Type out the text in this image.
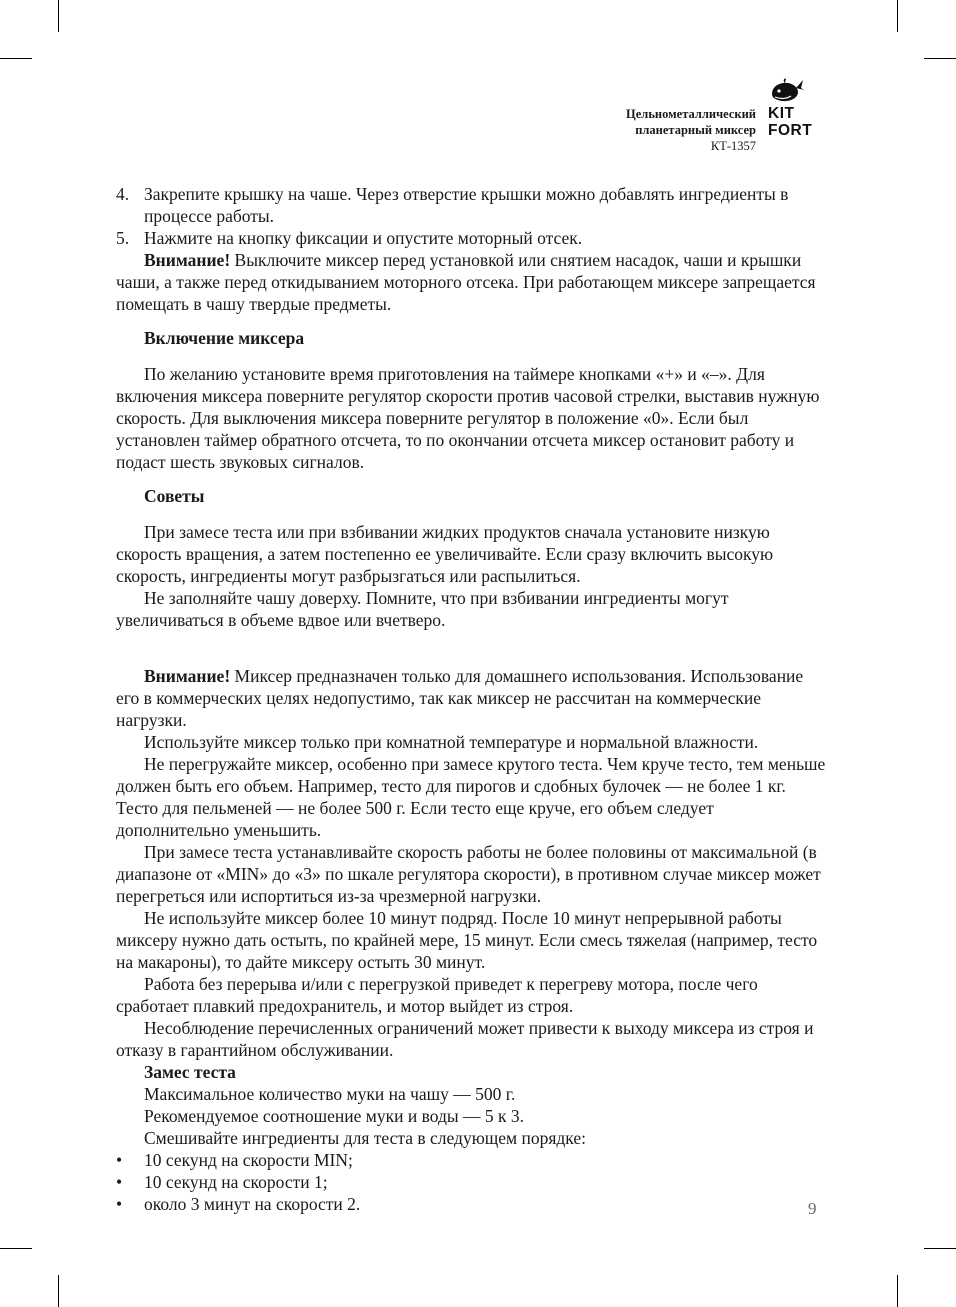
Цельнометаллический
планетарный миксер
КТ-1357
KIT
FORT

4. Закрепите крышку на чаше. Через отверстие крышки можно добавлять ингредиенты в процессе работы.

5. Нажмите на кнопку фиксации и опустите моторный отсек.

Внимание! Выключите миксер перед установкой или снятием насадок, чаши и крышки чаши, а также перед откидыванием моторного отсека. При работающем миксере запрещается помещать в чашу твердые предметы.

Включение миксера

По желанию установите время приготовления на таймере кнопками «+» и «–». Для включения миксера поверните регулятор скорости против часовой стрелки, выставив нужную скорость. Для выключения миксера поверните регулятор в положение «0». Если был установлен таймер обратного отсчета, то по окончании отсчета миксер остановит работу и подаст шесть звуковых сигналов.

Советы

При замесе теста или при взбивании жидких продуктов сначала установите низкую скорость вращения, а затем постепенно ее увеличивайте. Если сразу включить высокую скорость, ингредиенты могут разбрызгаться или распылиться.

Не заполняйте чашу доверху. Помните, что при взбивании ингредиенты могут увеличиваться в объеме вдвое или вчетверо.

Внимание! Миксер предназначен только для домашнего использования. Использование его в коммерческих целях недопустимо, так как миксер не рассчитан на коммерческие нагрузки.

Используйте миксер только при комнатной температуре и нормальной влажности.

Не перегружайте миксер, особенно при замесе крутого теста. Чем круче тесто, тем меньше должен быть его объем. Например, тесто для пирогов и сдобных булочек — не более 1 кг. Тесто для пельменей — не более 500 г. Если тесто еще круче, его объем следует дополнительно уменьшить.

При замесе теста устанавливайте скорость работы не более половины от максимальной (в диапазоне от «MIN» до «3» по шкале регулятора скорости), в противном случае миксер может перегреться или испортиться из-за чрезмерной нагрузки.

Не используйте миксер более 10 минут подряд. После 10 минут непрерывной работы миксеру нужно дать остыть, по крайней мере, 15 минут. Если смесь тяжелая (например, тесто на макароны), то дайте миксеру остыть 30 минут.

Работа без перерыва и/или с перегрузкой приведет к перегреву мотора, после чего сработает плавкий предохранитель, и мотор выйдет из строя.

Несоблюдение перечисленных ограничений может привести к выходу миксера из строя и отказу в гарантийном обслуживании.

Замес теста

Максимальное количество муки на чашу — 500 г.

Рекомендуемое соотношение муки и воды — 5 к 3.

Смешивайте ингредиенты для теста в следующем порядке:

• 10 секунд на скорости MIN;

• 10 секунд на скорости 1;

• около 3 минут на скорости 2.	9
